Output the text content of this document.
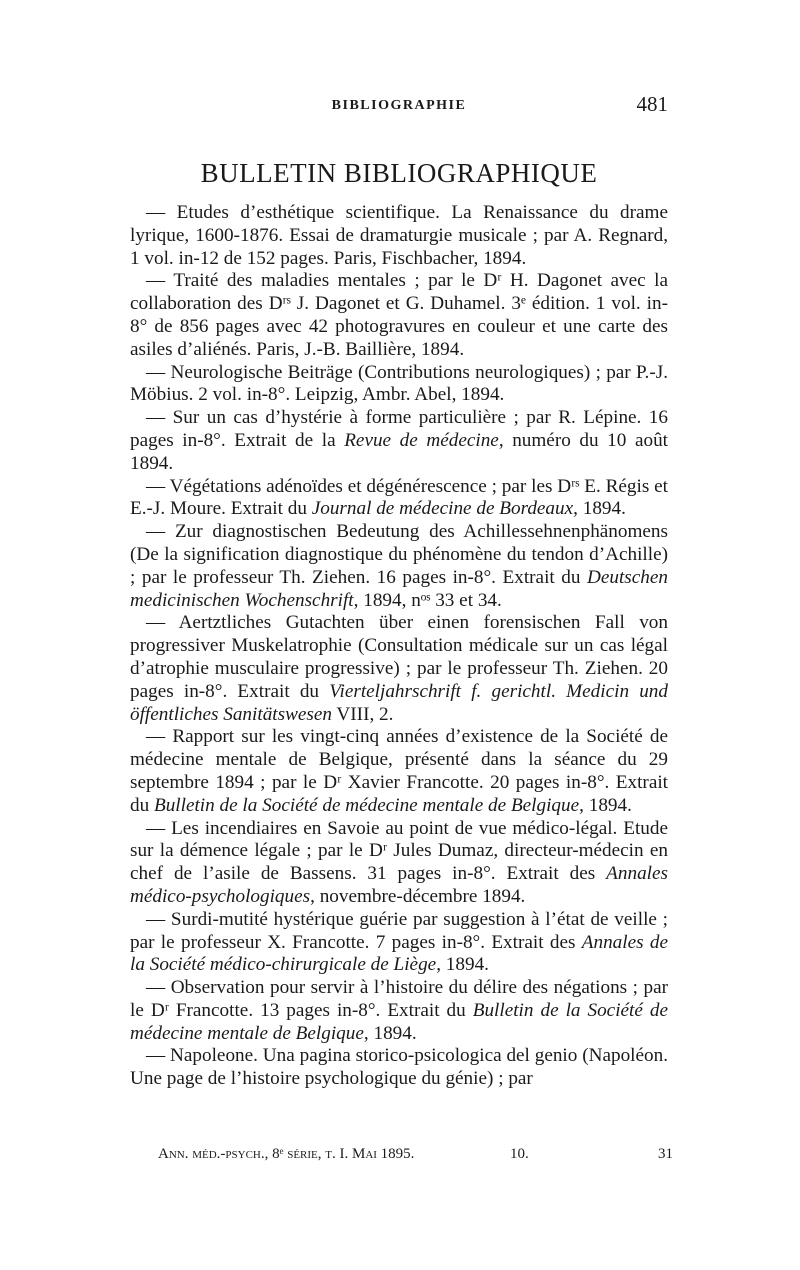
BIBLIOGRAPHIE	481
BULLETIN BIBLIOGRAPHIQUE

— Etudes d’esthétique scientifique. La Renaissance du drame lyrique, 1600-1876. Essai de dramaturgie musicale ; par A. Regnard, 1 vol. in-12 de 152 pages. Paris, Fischbacher, 1894.

— Traité des maladies mentales ; par le Dʳ H. Dagonet avec la collaboration des Dʳˢ J. Dagonet et G. Duhamel. 3ᵉ édition. 1 vol. in-8° de 856 pages avec 42 photogravures en couleur et une carte des asiles d’aliénés. Paris, J.-B. Baillière, 1894.

— Neurologische Beiträge (Contributions neurologiques) ; par P.-J. Möbius. 2 vol. in-8°. Leipzig, Ambr. Abel, 1894.

— Sur un cas d’hystérie à forme particulière ; par R. Lépine. 16 pages in-8°. Extrait de la Revue de médecine, numéro du 10 août 1894.

— Végétations adénoïdes et dégénérescence ; par les Dʳˢ E. Régis et E.-J. Moure. Extrait du Journal de médecine de Bordeaux, 1894.

— Zur diagnostischen Bedeutung des Achillessehnenphänomens (De la signification diagnostique du phénomène du tendon d’Achille) ; par le professeur Th. Ziehen. 16 pages in-8°. Extrait du Deutschen medicinischen Wochenschrift, 1894, nᵒˢ 33 et 34.

— Aertztliches Gutachten über einen forensischen Fall von progressiver Muskelatrophie (Consultation médicale sur un cas légal d’atrophie musculaire progressive) ; par le professeur Th. Ziehen. 20 pages in-8°. Extrait du Vierteljahrschrift f. gerichtl. Medicin und öffentliches Sanitätswesen VIII, 2.

— Rapport sur les vingt-cinq années d’existence de la Société de médecine mentale de Belgique, présenté dans la séance du 29 septembre 1894 ; par le Dʳ Xavier Francotte. 20 pages in-8°. Extrait du Bulletin de la Société de médecine mentale de Belgique, 1894.

— Les incendiaires en Savoie au point de vue médico-légal. Etude sur la démence légale ; par le Dʳ Jules Dumaz, directeur-médecin en chef de l’asile de Bassens. 31 pages in-8°. Extrait des Annales médico-psychologiques, novembre-décembre 1894.

— Surdi-mutité hystérique guérie par suggestion à l’état de veille ; par le professeur X. Francotte. 7 pages in-8°. Extrait des Annales de la Société médico-chirurgicale de Liège, 1894.

— Observation pour servir à l’histoire du délire des négations ; par le Dʳ Francotte. 13 pages in-8°. Extrait du Bulletin de la Société de médecine mentale de Belgique, 1894.

— Napoleone. Una pagina storico-psicologica del genio (Napoléon. Une page de l’histoire psychologique du génie) ; par

Ann. méd.-psych., 8ᵉ série, t. I. Mai 1895.	10.	31
